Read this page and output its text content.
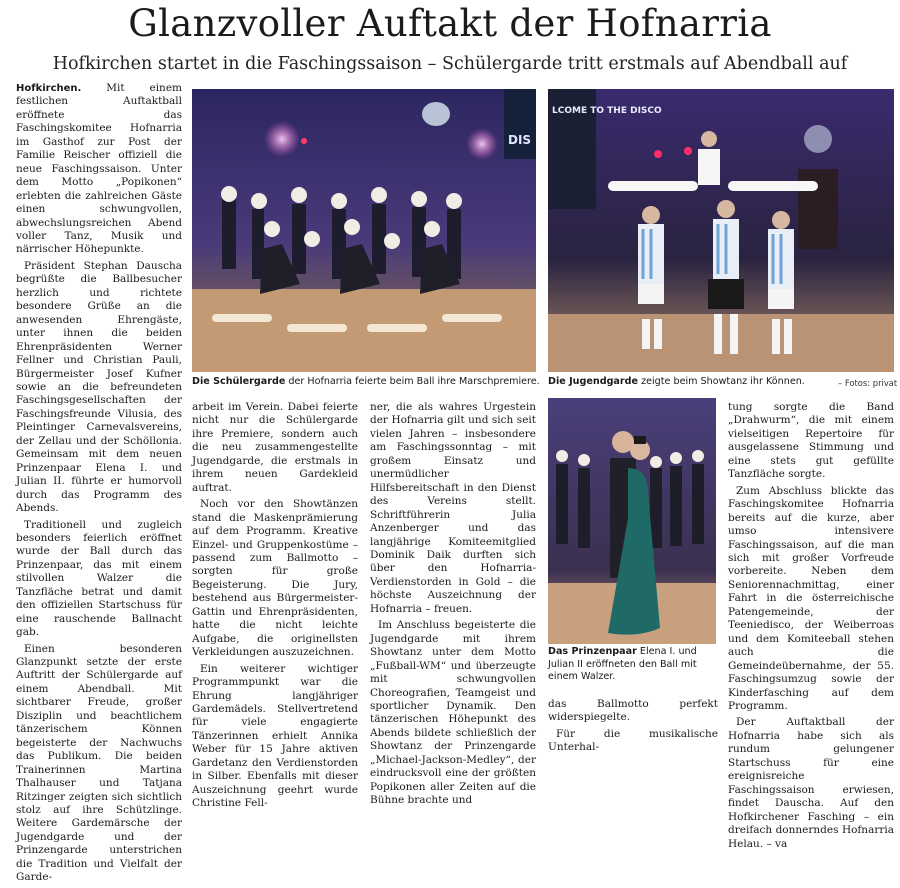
Glanzvoller Auftakt der Hofnarria
Hofkirchen startet in die Faschingssaison – Schülergarde tritt erstmals auf Abendball auf

Hofkirchen. Mit einem festlichen Auftaktball eröffnete das Faschingskomitee Hofnarria im Gasthof zur Post der Familie Reischer offiziell die neue Faschingssaison. Unter dem Motto „Popikonen“ erlebten die zahlreichen Gäste einen schwungvollen, abwechslungsreichen Abend voller Tanz, Musik und närrischer Höhepunkte.

Präsident Stephan Dauscha begrüßte die Ballbesucher herzlich und richtete besondere Grüße an die anwesenden Ehrengäste, unter ihnen die beiden Ehrenpräsidenten Werner Fellner und Christian Pauli, Bürgermeister Josef Kufner sowie an die befreundeten Faschingsgesellschaften der Faschingsfreunde Vilusia, des Pleintinger Carnevalsvereins, der Zellau und der Schöllonia. Gemeinsam mit dem neuen Prinzenpaar Elena I. und Julian II. führte er humorvoll durch das Programm des Abends.

Traditionell und zugleich besonders feierlich eröffnet wurde der Ball durch das Prinzenpaar, das mit einem stilvollen Walzer die Tanzfläche betrat und damit den offiziellen Startschuss für eine rauschende Ballnacht gab.

Einen besonderen Glanzpunkt setzte der erste Auftritt der Schülergarde auf einem Abendball. Mit sichtbarer Freude, großer Disziplin und beachtlichem tänzerischem Können begeisterte der Nachwuchs das Publikum. Die beiden Trainerinnen Martina Thalhauser und Tatjana Ritzinger zeigten sich sichtlich stolz auf ihre Schützlinge. Weitere Gardemärsche der Jugendgarde und der Prinzengarde unterstrichen die Tradition und Vielfalt der Garde-

DIS
Die Schülergarde der Hofnarria feierte beim Ball ihre Marschpremiere.
LCOME TO THE DISCO
Die Jugendgarde zeigte beim Showtanz ihr Können.	– Fotos: privat

arbeit im Verein. Dabei feierte nicht nur die Schülergarde ihre Premiere, sondern auch die neu zusammengestellte Jugendgarde, die erstmals in ihrem neuen Gardekleid auftrat.

Noch vor den Showtänzen stand die Maskenprämierung auf dem Programm. Kreative Einzel- und Gruppenkostüme – passend zum Ballmotto – sorgten für große Begeisterung. Die Jury, bestehend aus Bürgermeister-Gattin und Ehrenpräsidenten, hatte die nicht leichte Aufgabe, die originellsten Verkleidungen auszuzeichnen.

Ein weiterer wichtiger Programmpunkt war die Ehrung langjähriger Gardemädels. Stellvertretend für viele engagierte Tänzerinnen erhielt Annika Weber für 15 Jahre aktiven Gardetanz den Verdienstorden in Silber. Ebenfalls mit dieser Auszeichnung geehrt wurde Christine Fell-

ner, die als wahres Urgestein der Hofnarria gilt und sich seit vielen Jahren – insbesondere am Faschingssonntag – mit großem Einsatz und unermüdlicher Hilfsbereitschaft in den Dienst des Vereins stellt. Schriftführerin Julia Anzenberger und das langjährige Komiteemitglied Dominik Daik durften sich über den Hofnarria-Verdienstorden in Gold – die höchste Auszeichnung der Hofnarria – freuen.

Im Anschluss begeisterte die Jugendgarde mit ihrem Showtanz unter dem Motto „Fußball-WM“ und überzeugte mit schwungvollen Choreografien, Teamgeist und sportlicher Dynamik. Den tänzerischen Höhepunkt des Abends bildete schließlich der Showtanz der Prinzengarde „Michael-Jackson-Medley“, der eindrucksvoll eine der größten Popikonen aller Zeiten auf die Bühne brachte und

Das Prinzenpaar Elena I. und Julian II eröffneten den Ball mit einem Walzer.

das Ballmotto perfekt widerspiegelte.

Für die musikalische Unterhal-

tung sorgte die Band „Drahwurm“, die mit einem vielseitigen Repertoire für ausgelassene Stimmung und eine stets gut gefüllte Tanzfläche sorgte.

Zum Abschluss blickte das Faschingskomitee Hofnarria bereits auf die kurze, aber umso intensivere Faschingssaison, auf die man sich mit großer Vorfreude vorbereite. Neben dem Seniorennachmittag, einer Fahrt in die österreichische Patengemeinde, der Teeniedisco, der Weiberroas und dem Komiteeball stehen auch die Gemeindeübernahme, der 55. Faschingsumzug sowie der Kinderfasching auf dem Programm.

Der Auftaktball der Hofnarria habe sich als rundum gelungener Startschuss für eine ereignisreiche Faschingssaison erwiesen, findet Dauscha. Auf den Hofkirchener Fasching – ein dreifach donnerndes Hofnarria Helau. – va
